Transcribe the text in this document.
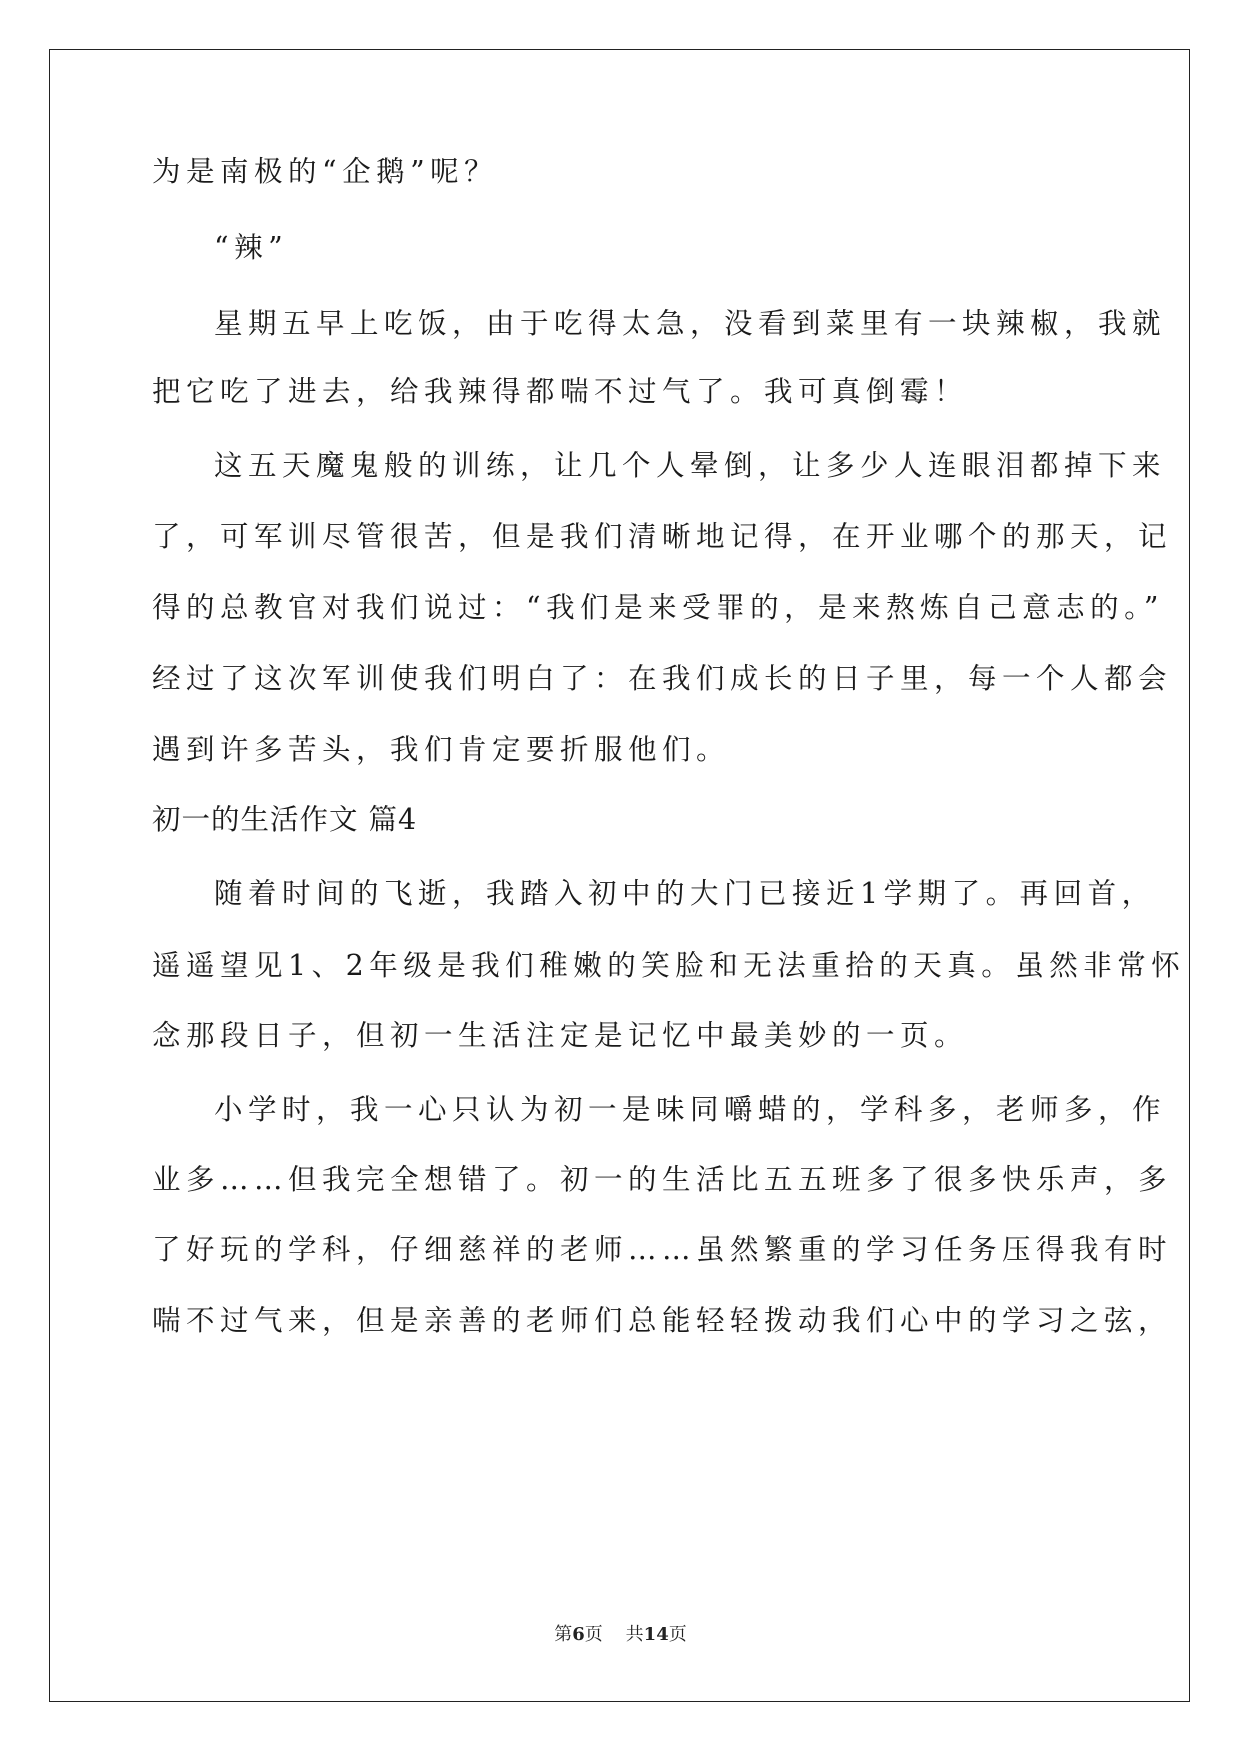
为是南极的“企鹅”呢？
“辣”
星期五早上吃饭，由于吃得太急，没看到菜里有一块辣椒，我就
把它吃了进去，给我辣得都喘不过气了。我可真倒霉！
这五天魔鬼般的训练，让几个人晕倒，让多少人连眼泪都掉下来
了，可军训尽管很苦，但是我们清晰地记得，在开业哪个的那天，记
得的总教官对我们说过：“我们是来受罪的，是来熬炼自己意志的。”
经过了这次军训使我们明白了：在我们成长的日子里，每一个人都会
遇到许多苦头，我们肯定要折服他们。
初一的生活作文 篇4
随着时间的飞逝，我踏入初中的大门已接近1学期了。再回首，
遥遥望见1、2年级是我们稚嫩的笑脸和无法重拾的天真。虽然非常怀
念那段日子，但初一生活注定是记忆中最美妙的一页。
小学时，我一心只认为初一是味同嚼蜡的，学科多，老师多，作
业多……但我完全想错了。初一的生活比五五班多了很多快乐声，多
了好玩的学科，仔细慈祥的老师……虽然繁重的学习任务压得我有时
喘不过气来，但是亲善的老师们总能轻轻拨动我们心中的学习之弦，
第6页 共14页
